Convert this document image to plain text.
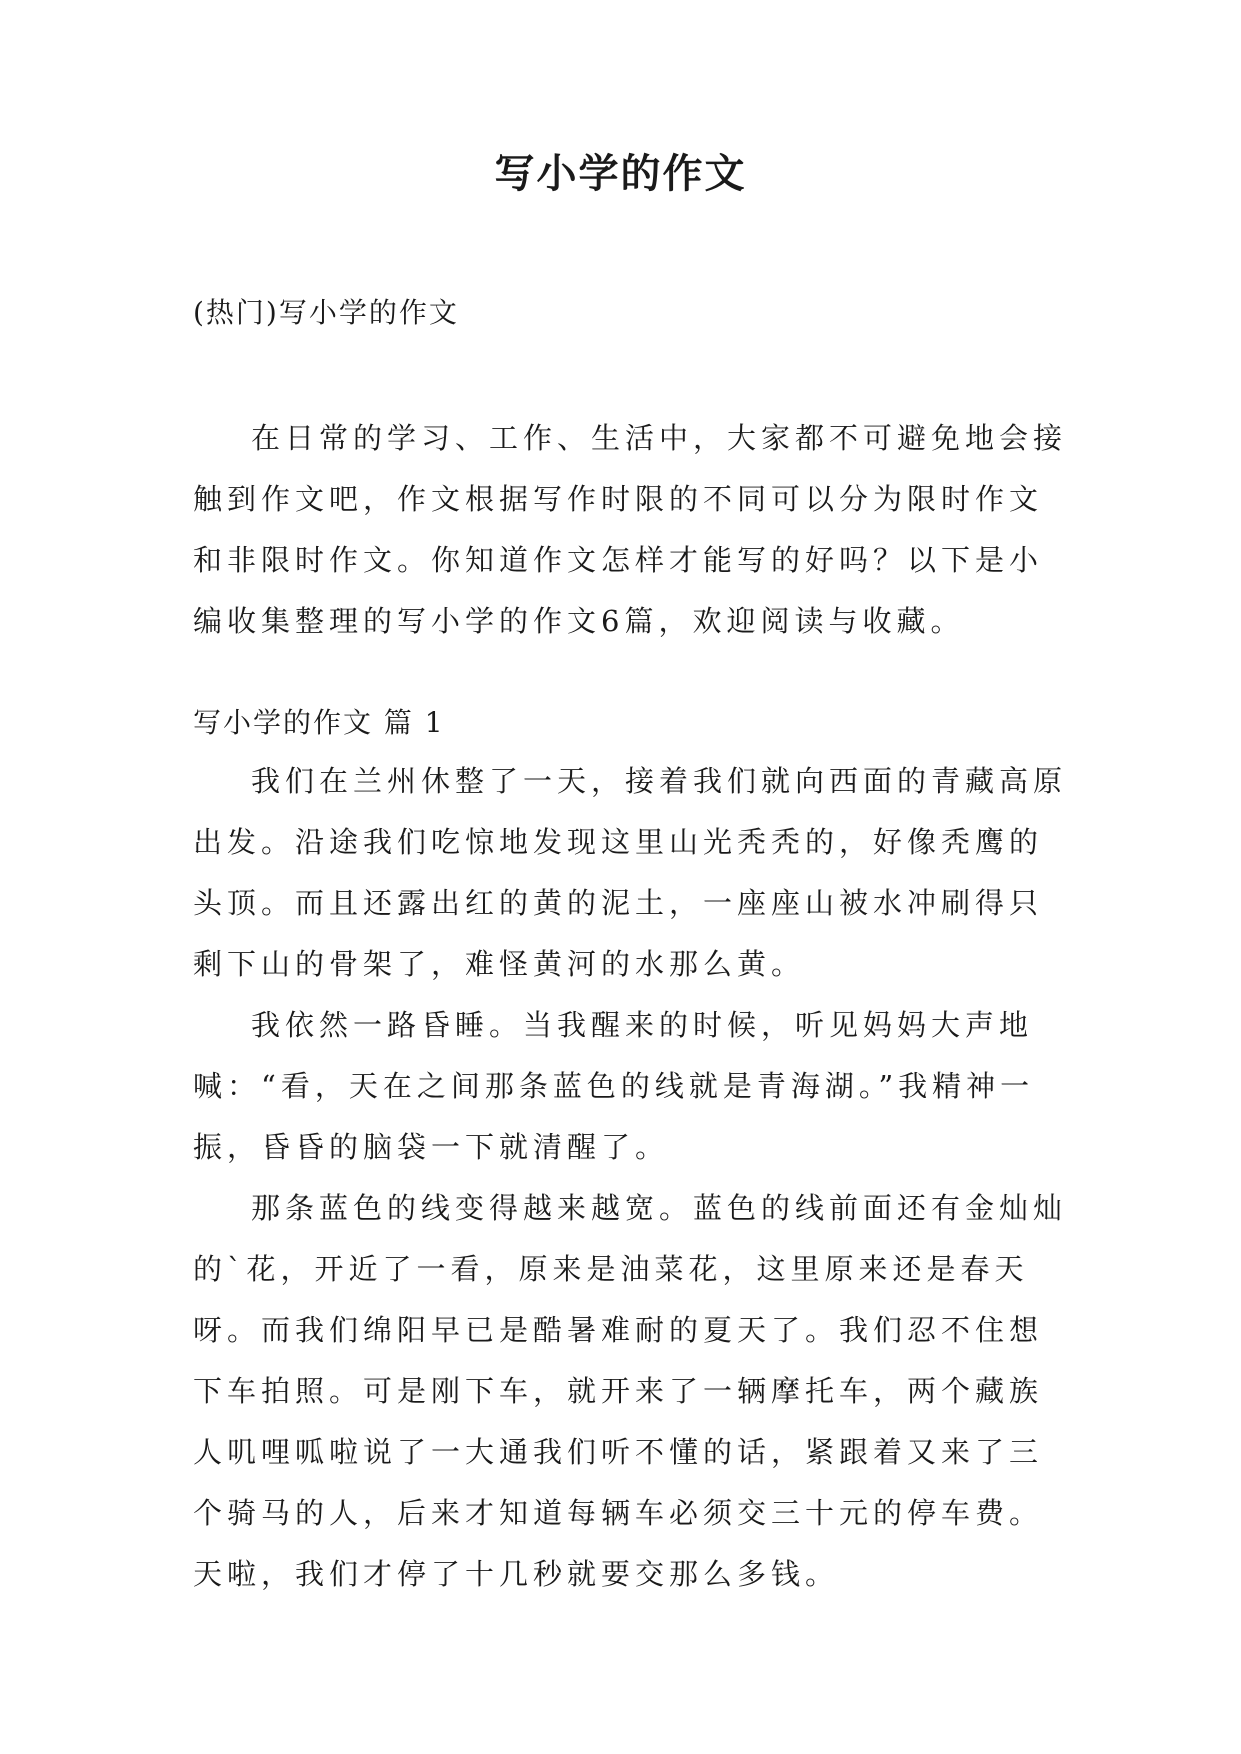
写小学的作文
(热门)写小学的作文

在日常的学习、工作、生活中，大家都不可避免地会接触到作文吧，作文根据写作时限的不同可以分为限时作文和非限时作文。你知道作文怎样才能写的好吗？以下是小编收集整理的写小学的作文6篇，欢迎阅读与收藏。

写小学的作文 篇 1

我们在兰州休整了一天，接着我们就向西面的青藏高原出发。沿途我们吃惊地发现这里山光秃秃的，好像秃鹰的头顶。而且还露出红的黄的泥土，一座座山被水冲刷得只剩下山的骨架了，难怪黄河的水那么黄。

我依然一路昏睡。当我醒来的时候，听见妈妈大声地喊：“看，天在之间那条蓝色的线就是青海湖。”我精神一振，昏昏的脑袋一下就清醒了。

那条蓝色的线变得越来越宽。蓝色的线前面还有金灿灿的`花，开近了一看，原来是油菜花，这里原来还是春天呀。而我们绵阳早已是酷暑难耐的夏天了。我们忍不住想下车拍照。可是刚下车，就开来了一辆摩托车，两个藏族人叽哩呱啦说了一大通我们听不懂的话，紧跟着又来了三个骑马的人，后来才知道每辆车必须交三十元的停车费。天啦，我们才停了十几秒就要交那么多钱。
